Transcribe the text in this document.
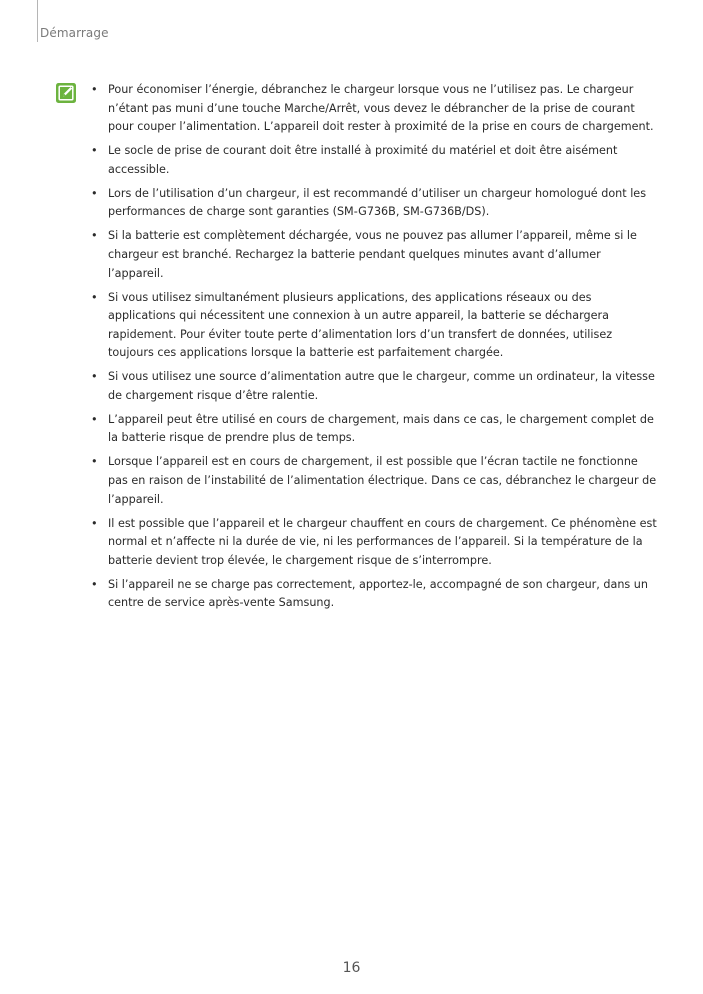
Démarrage
• Pour économiser l’énergie, débranchez le chargeur lorsque vous ne l’utilisez pas. Le chargeur n’étant pas muni d’une touche Marche/Arrêt, vous devez le débrancher de la prise de courant pour couper l’alimentation. L’appareil doit rester à proximité de la prise en cours de chargement.
• Le socle de prise de courant doit être installé à proximité du matériel et doit être aisément accessible.
• Lors de l’utilisation d’un chargeur, il est recommandé d’utiliser un chargeur homologué dont les performances de charge sont garanties (SM-G736B, SM-G736B/DS).
• Si la batterie est complètement déchargée, vous ne pouvez pas allumer l’appareil, même si le chargeur est branché. Rechargez la batterie pendant quelques minutes avant d’allumer l’appareil.
• Si vous utilisez simultanément plusieurs applications, des applications réseaux ou des applications qui nécessitent une connexion à un autre appareil, la batterie se déchargera rapidement. Pour éviter toute perte d’alimentation lors d’un transfert de données, utilisez toujours ces applications lorsque la batterie est parfaitement chargée.
• Si vous utilisez une source d’alimentation autre que le chargeur, comme un ordinateur, la vitesse de chargement risque d’être ralentie.
• L’appareil peut être utilisé en cours de chargement, mais dans ce cas, le chargement complet de la batterie risque de prendre plus de temps.
• Lorsque l’appareil est en cours de chargement, il est possible que l’écran tactile ne fonctionne pas en raison de l’instabilité de l’alimentation électrique. Dans ce cas, débranchez le chargeur de l’appareil.
• Il est possible que l’appareil et le chargeur chauffent en cours de chargement. Ce phénomène est normal et n’affecte ni la durée de vie, ni les performances de l’appareil. Si la température de la batterie devient trop élevée, le chargement risque de s’interrompre.
• Si l’appareil ne se charge pas correctement, apportez-le, accompagné de son chargeur, dans un centre de service après-vente Samsung.
16
